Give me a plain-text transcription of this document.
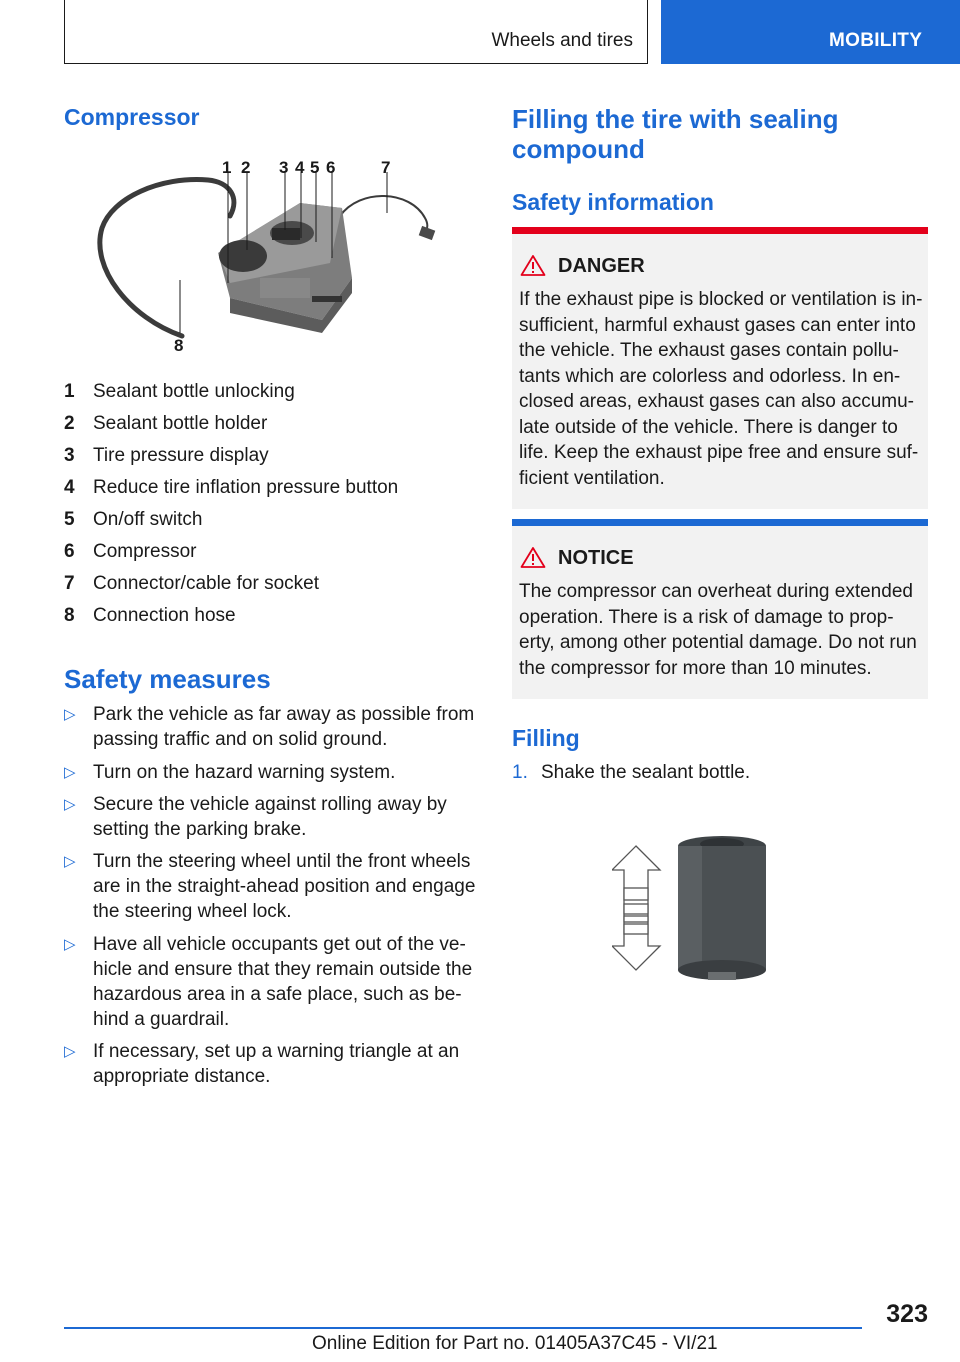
Wheels and tires	MOBILITY
Compressor
1 2 3 4 5 6	7
8
1 Sealant bottle unlocking
2 Sealant bottle holder
3 Tire pressure display
4 Reduce tire inflation pressure button
5 On/off switch
6 Compressor
7 Connector/cable for socket
8 Connection hose
Safety measures
▷ Park the vehicle as far away as possible from passing traffic and on solid ground.
▷ Turn on the hazard warning system.
▷ Secure the vehicle against rolling away by setting the parking brake.
▷ Turn the steering wheel until the front wheels are in the straight-ahead position and engage the steering wheel lock.
▷ Have all vehicle occupants get out of the ve‐hicle and ensure that they remain outside the hazardous area in a safe place, such as be‐hind a guardrail.
▷ If necessary, set up a warning triangle at an appropriate distance.
Filling the tire with sealing compound
Safety information
DANGER
If the exhaust pipe is blocked or ventilation is in‐sufficient, harmful exhaust gases can enter into the vehicle. The exhaust gases contain pollu‐tants which are colorless and odorless. In en‐closed areas, exhaust gases can also accumu‐late outside of the vehicle. There is danger to life. Keep the exhaust pipe free and ensure suf‐ficient ventilation.
NOTICE
The compressor can overheat during extended operation. There is a risk of damage to prop‐erty, among other potential damage. Do not run the compressor for more than 10 minutes.
Filling
1. Shake the sealant bottle.
323
Online Edition for Part no. 01405A37C45 - VI/21
